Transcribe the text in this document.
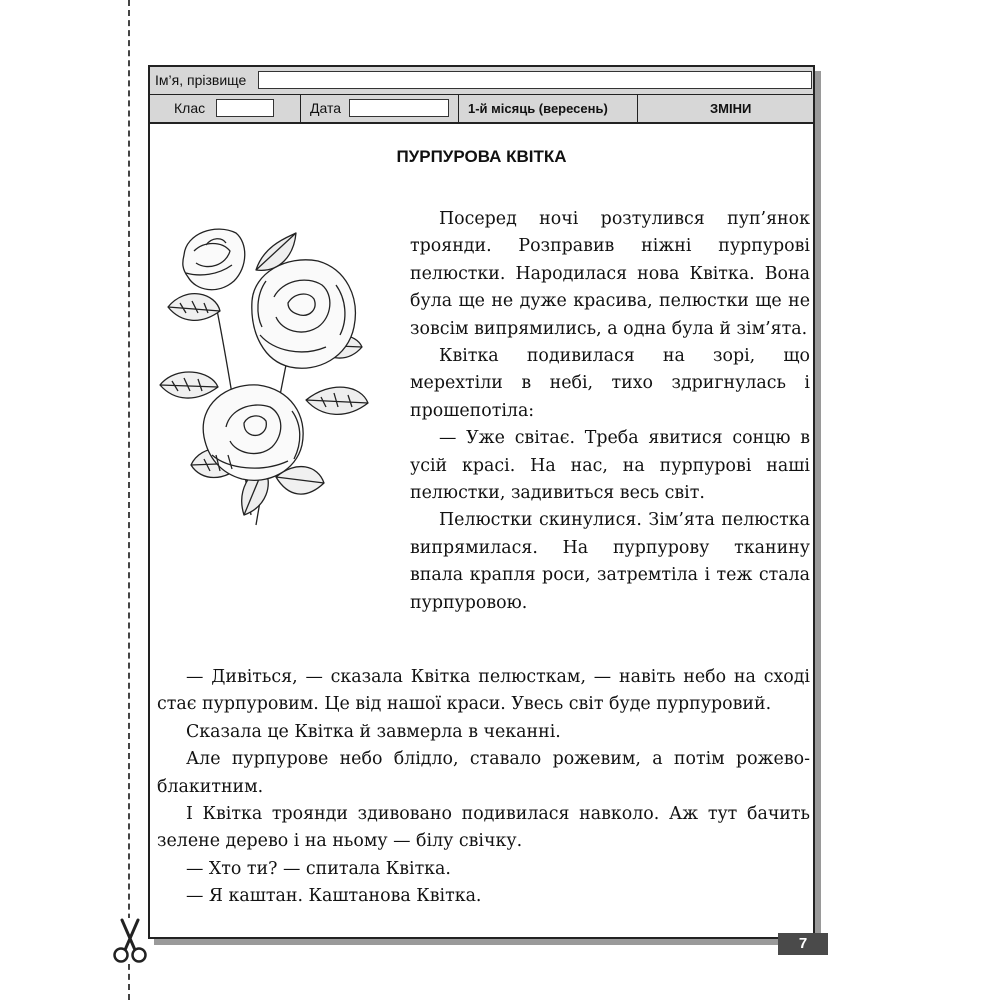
Ім’я, прізвище
Клас	Дата	1-й місяць (вересень)	ЗМІНИ
ПУРПУРОВА КВІТКА

Посеред ночі розтулився пуп’янок троянди. Розправив ніжні пурпурові пелюстки. Народилася нова Квітка. Вона була ще не дуже красива, пелюстки ще не зовсім випрямились, а одна була й зім’ята.

Квітка подивилася на зорі, що мерехтіли в небі, тихо здригнулась і прошепотіла:

— Уже світає. Треба явитися сонцю в усій красі. На нас, на пурпурові наші пелюстки, задивиться весь світ.

Пелюстки скинулися. Зім’ята пелюстка випрямилася. На пурпурову тканину впала крапля роси, затремтіла і теж стала пурпуровою.

— Дивіться, — сказала Квітка пелюсткам, — навіть небо на сході стає пурпуровим. Це від нашої краси. Увесь світ буде пурпуровий.

Сказала це Квітка й завмерла в чеканні.

Але пурпурове небо блідло, ставало рожевим, а потім рожево-блакитним.

І Квітка троянди здивовано подивилася навколо. Аж тут бачить зелене дерево і на ньому — білу свічку.

— Хто ти? — спитала Квітка.

— Я каштан. Каштанова Квітка.

7
